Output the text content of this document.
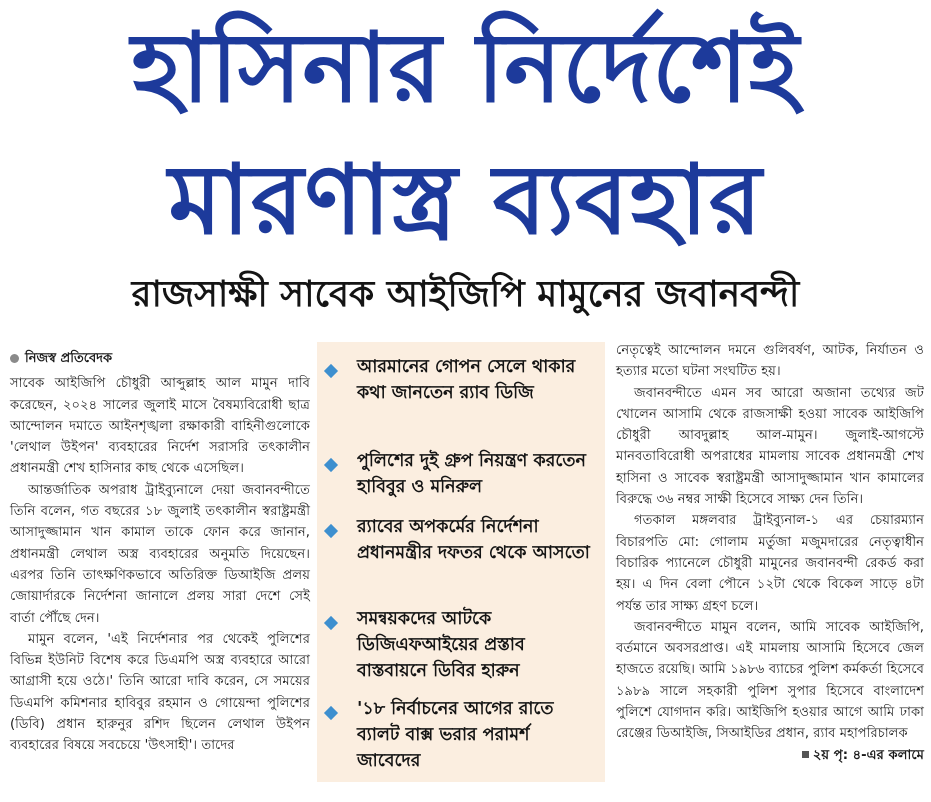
হাসিনার নির্দেশেই
মারণাস্ত্র ব্যবহার
রাজসাক্ষী সাবেক আইজিপি মামুনের জবানবন্দী
নিজস্ব প্রতিবেদক

সাবেক আইজিপি চৌধুরী আব্দুল্লাহ আল মামুন দাবি করেছেন, ২০২৪ সালের জুলাই মাসে বৈষম্যবিরোধী ছাত্র আন্দোলন দমাতে আইনশৃঙ্খলা রক্ষাকারী বাহিনীগুলোকে 'লেথাল উইপন' ব্যবহারের নির্দেশ সরাসরি তৎকালীন প্রধানমন্ত্রী শেখ হাসিনার কাছ থেকে এসেছিল।

আন্তর্জাতিক অপরাধ ট্রাইব্যুনালে দেয়া জবানবন্দীতে তিনি বলেন, গত বছরের ১৮ জুলাই তৎকালীন স্বরাষ্ট্রমন্ত্রী আসাদুজ্জামান খান কামাল তাকে ফোন করে জানান, প্রধানমন্ত্রী লেথাল অস্ত্র ব্যবহারের অনুমতি দিয়েছেন। এরপর তিনি তাৎক্ষণিকভাবে অতিরিক্ত ডিআইজি প্রলয় জোয়ার্দারকে নির্দেশনা জানালে প্রলয় সারা দেশে সেই বার্তা পৌঁছে দেন।

মামুন বলেন, 'এই নির্দেশনার পর থেকেই পুলিশের বিভিন্ন ইউনিট বিশেষ করে ডিএমপি অস্ত্র ব্যবহারে আরো আগ্রাসী হয়ে ওঠে।' তিনি আরো দাবি করেন, সে সময়ের ডিএমপি কমিশনার হাবিবুর রহমান ও গোয়েন্দা পুলিশের (ডিবি) প্রধান হারুনুর রশিদ ছিলেন লেথাল উইপন ব্যবহারের বিষয়ে সবচেয়ে 'উৎসাহী'। তাদের

আরমানের গোপন সেলে থাকার কথা জানতেন র‍্যাব ডিজি
পুলিশের দুই গ্রুপ নিয়ন্ত্রণ করতেন হাবিবুর ও মনিরুল
র‍্যাবের অপকর্মের নির্দেশনা প্রধানমন্ত্রীর দফতর থেকে আসতো
সমন্বয়কদের আটকে ডিজিএফআইয়ের প্রস্তাব বাস্তবায়নে ডিবির হারুন
'১৮ নির্বাচনের আগের রাতে ব্যালট বাক্স ভরার পরামর্শ জাবেদের

নেতৃত্বেই আন্দোলন দমনে গুলিবর্ষণ, আটক, নির্যাতন ও হত্যার মতো ঘটনা সংঘটিত হয়।

জবানবন্দীতে এমন সব আরো অজানা তথ্যের জট খোলেন আসামি থেকে রাজসাক্ষী হওয়া সাবেক আইজিপি চৌধুরী আবদুল্লাহ আল-মামুন। জুলাই-আগস্টে মানবতাবিরোধী অপরাধের মামলায় সাবেক প্রধানমন্ত্রী শেখ হাসিনা ও সাবেক স্বরাষ্ট্রমন্ত্রী আসাদুজ্জামান খান কামালের বিরুদ্ধে ৩৬ নম্বর সাক্ষী হিসেবে সাক্ষ্য দেন তিনি।

গতকাল মঙ্গলবার ট্রাইব্যুনাল-১ এর চেয়ারম্যান বিচারপতি মো: গোলাম মর্তুজা মজুমদারের নেতৃত্বাধীন বিচারিক প্যানেলে চৌধুরী মামুনের জবানবন্দী রেকর্ড করা হয়। এ দিন বেলা পৌনে ১২টা থেকে বিকেল সাড়ে ৪টা পর্যন্ত তার সাক্ষ্য গ্রহণ চলে।

জবানবন্দীতে মামুন বলেন, আমি সাবেক আইজিপি, বর্তমানে অবসরপ্রাপ্ত। এই মামলায় আসামি হিসেবে জেল হাজতে রয়েছি। আমি ১৯৮৬ ব্যাচের পুলিশ কর্মকর্তা হিসেবে ১৯৮৯ সালে সহকারী পুলিশ সুপার হিসেবে বাংলাদেশ পুলিশে যোগদান করি। আইজিপি হওয়ার আগে আমি ঢাকা রেঞ্জের ডিআইজি, সিআইডির প্রধান, র‍্যাব মহাপরিচালক

২য় পৃ: ৪-এর কলামে
